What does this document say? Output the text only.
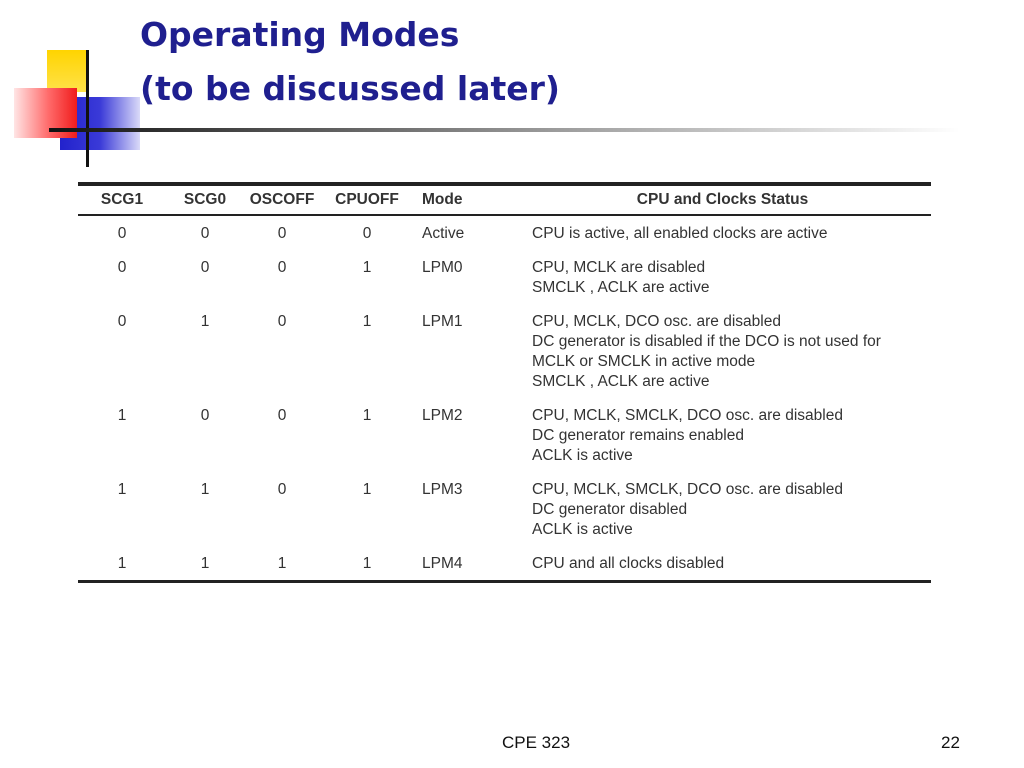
Operating Modes
(to be discussed later)
SCG1	SCG0	OSCOFF	CPUOFF	Mode	CPU and Clocks Status
0	0	0	0	Active	CPU is active, all enabled clocks are active

0	0	0	1	LPM0	CPU, MCLK are disabled
SMCLK , ACLK are active

0	1	0	1	LPM1	CPU, MCLK, DCO osc. are disabled
DC generator is disabled if the DCO is not used for
MCLK or SMCLK in active mode
SMCLK , ACLK are active

1	0	0	1	LPM2	CPU, MCLK, SMCLK, DCO osc. are disabled
DC generator remains enabled
ACLK is active

1	1	0	1	LPM3	CPU, MCLK, SMCLK, DCO osc. are disabled
DC generator disabled
ACLK is active

1	1	1	1	LPM4	CPU and all clocks disabled
CPE 323	22
